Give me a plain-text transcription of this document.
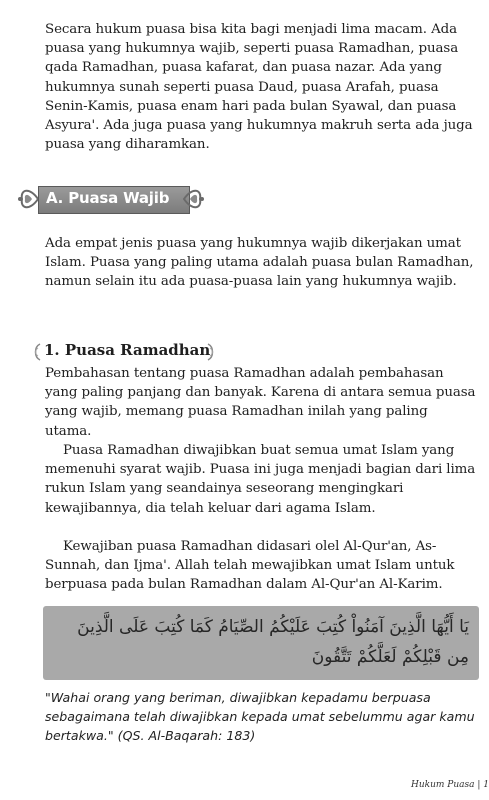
Secara hukum puasa bisa kita bagi menjadi lima macam. Ada puasa yang hukumnya wajib, seperti puasa Ramadhan, puasa qada Ramadhan, puasa kafarat, dan puasa nazar. Ada yang hukumnya sunah seperti puasa Daud, puasa Arafah, puasa Senin-Kamis, puasa enam hari pada bulan Syawal, dan puasa Asyura'. Ada juga puasa yang hukumnya makruh serta ada juga puasa yang diharamkan.

A. Puasa Wajib

Ada empat jenis puasa yang hukumnya wajib dikerjakan umat Islam. Puasa yang paling utama adalah puasa bulan Ramadhan, namun selain itu ada puasa-puasa lain yang hukumnya wajib.

1. Puasa Ramadhan

Pembahasan tentang puasa Ramadhan adalah pembahasan yang paling panjang dan banyak. Karena di antara semua puasa yang wajib, memang puasa Ramadhan inilah yang paling utama.

Puasa Ramadhan diwajibkan buat semua umat Islam yang memenuhi syarat wajib. Puasa ini juga menjadi bagian dari lima rukun Islam yang seandainya seseorang mengingkari kewajibannya, dia telah keluar dari agama Islam.

Kewajiban puasa Ramadhan didasari olel Al-Qur'an, As-Sunnah, dan Ijma'. Allah telah mewajibkan umat Islam untuk berpuasa pada bulan Ramadhan dalam Al-Qur'an Al-Karim.

يَا أَيُّهَا الَّذِينَ آمَنُواْ كُتِبَ عَلَيْكُمُ الصِّيَامُ كَمَا كُتِبَ عَلَى الَّذِينَ مِن قَبْلِكُمْ لَعَلَّكُمْ تَتَّقُونَ

"Wahai orang yang beriman, diwajibkan kepadamu berpuasa sebagaimana telah diwajibkan kepada umat sebelummu agar kamu bertakwa." (QS. Al-Baqarah: 183)

Hukum Puasa | 1
